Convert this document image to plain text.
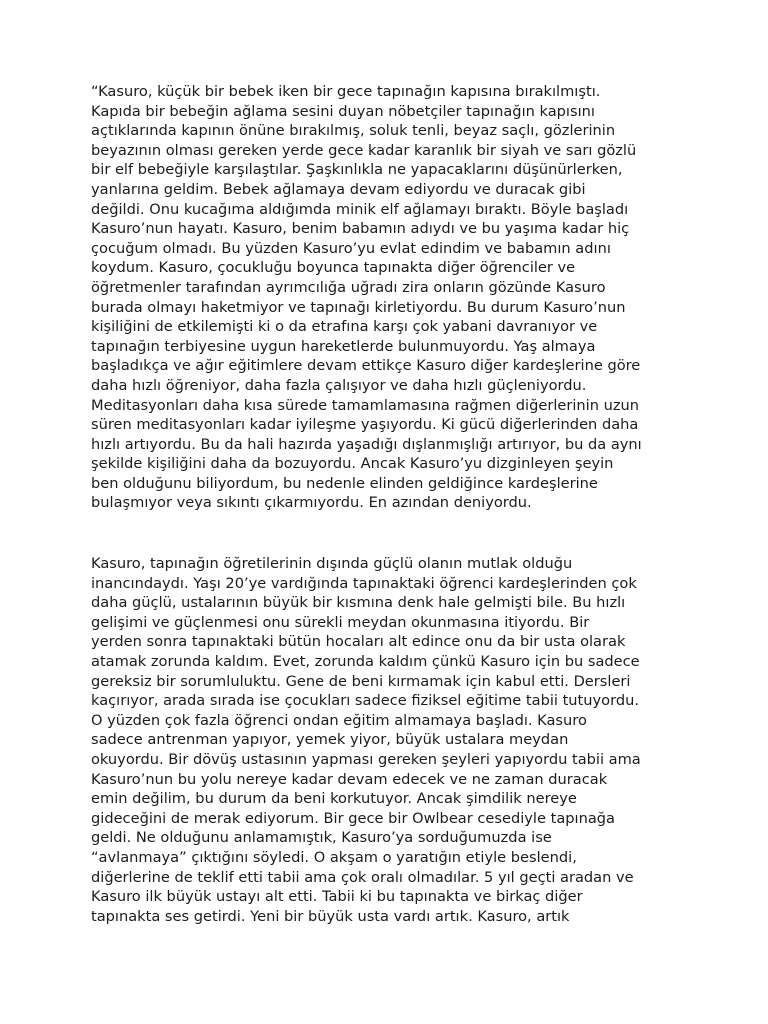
“Kasuro, küçük bir bebek iken bir gece tapınağın kapısına bırakılmıştı.
Kapıda bir bebeğin ağlama sesini duyan nöbetçiler tapınağın kapısını
açtıklarında kapının önüne bırakılmış, soluk tenli, beyaz saçlı, gözlerinin
beyazının olması gereken yerde gece kadar karanlık bir siyah ve sarı gözlü
bir elf bebeğiyle karşılaştılar. Şaşkınlıkla ne yapacaklarını düşünürlerken,
yanlarına geldim. Bebek ağlamaya devam ediyordu ve duracak gibi
değildi. Onu kucağıma aldığımda minik elf ağlamayı bıraktı. Böyle başladı
Kasuro’nun hayatı. Kasuro, benim babamın adıydı ve bu yaşıma kadar hiç
çocuğum olmadı. Bu yüzden Kasuro’yu evlat edindim ve babamın adını
koydum. Kasuro, çocukluğu boyunca tapınakta diğer öğrenciler ve
öğretmenler tarafından ayrımcılığa uğradı zira onların gözünde Kasuro
burada olmayı haketmiyor ve tapınağı kirletiyordu. Bu durum Kasuro’nun
kişiliğini de etkilemişti ki o da etrafına karşı çok yabani davranıyor ve
tapınağın terbiyesine uygun hareketlerde bulunmuyordu. Yaş almaya
başladıkça ve ağır eğitimlere devam ettikçe Kasuro diğer kardeşlerine göre
daha hızlı öğreniyor, daha fazla çalışıyor ve daha hızlı güçleniyordu.
Meditasyonları daha kısa sürede tamamlamasına rağmen diğerlerinin uzun
süren meditasyonları kadar iyileşme yaşıyordu. Ki gücü diğerlerinden daha
hızlı artıyordu. Bu da hali hazırda yaşadığı dışlanmışlığı artırıyor, bu da aynı
şekilde kişiliğini daha da bozuyordu. Ancak Kasuro’yu dizginleyen şeyin
ben olduğunu biliyordum, bu nedenle elinden geldiğince kardeşlerine
bulaşmıyor veya sıkıntı çıkarmıyordu. En azından deniyordu.
Kasuro, tapınağın öğretilerinin dışında güçlü olanın mutlak olduğu
inancındaydı. Yaşı 20’ye vardığında tapınaktaki öğrenci kardeşlerinden çok
daha güçlü, ustalarının büyük bir kısmına denk hale gelmişti bile. Bu hızlı
gelişimi ve güçlenmesi onu sürekli meydan okunmasına itiyordu. Bir
yerden sonra tapınaktaki bütün hocaları alt edince onu da bir usta olarak
atamak zorunda kaldım. Evet, zorunda kaldım çünkü Kasuro için bu sadece
gereksiz bir sorumluluktu. Gene de beni kırmamak için kabul etti. Dersleri
kaçırıyor, arada sırada ise çocukları sadece fiziksel eğitime tabii tutuyordu.
O yüzden çok fazla öğrenci ondan eğitim almamaya başladı. Kasuro
sadece antrenman yapıyor, yemek yiyor, büyük ustalara meydan
okuyordu. Bir dövüş ustasının yapması gereken şeyleri yapıyordu tabii ama
Kasuro’nun bu yolu nereye kadar devam edecek ve ne zaman duracak
emin değilim, bu durum da beni korkutuyor. Ancak şimdilik nereye
gideceğini de merak ediyorum. Bir gece bir Owlbear cesediyle tapınağa
geldi. Ne olduğunu anlamamıştık, Kasuro’ya sorduğumuzda ise
“avlanmaya” çıktığını söyledi. O akşam o yaratığın etiyle beslendi,
diğerlerine de teklif etti tabii ama çok oralı olmadılar. 5 yıl geçti aradan ve
Kasuro ilk büyük ustayı alt etti. Tabii ki bu tapınakta ve birkaç diğer
tapınakta ses getirdi. Yeni bir büyük usta vardı artık. Kasuro, artık
